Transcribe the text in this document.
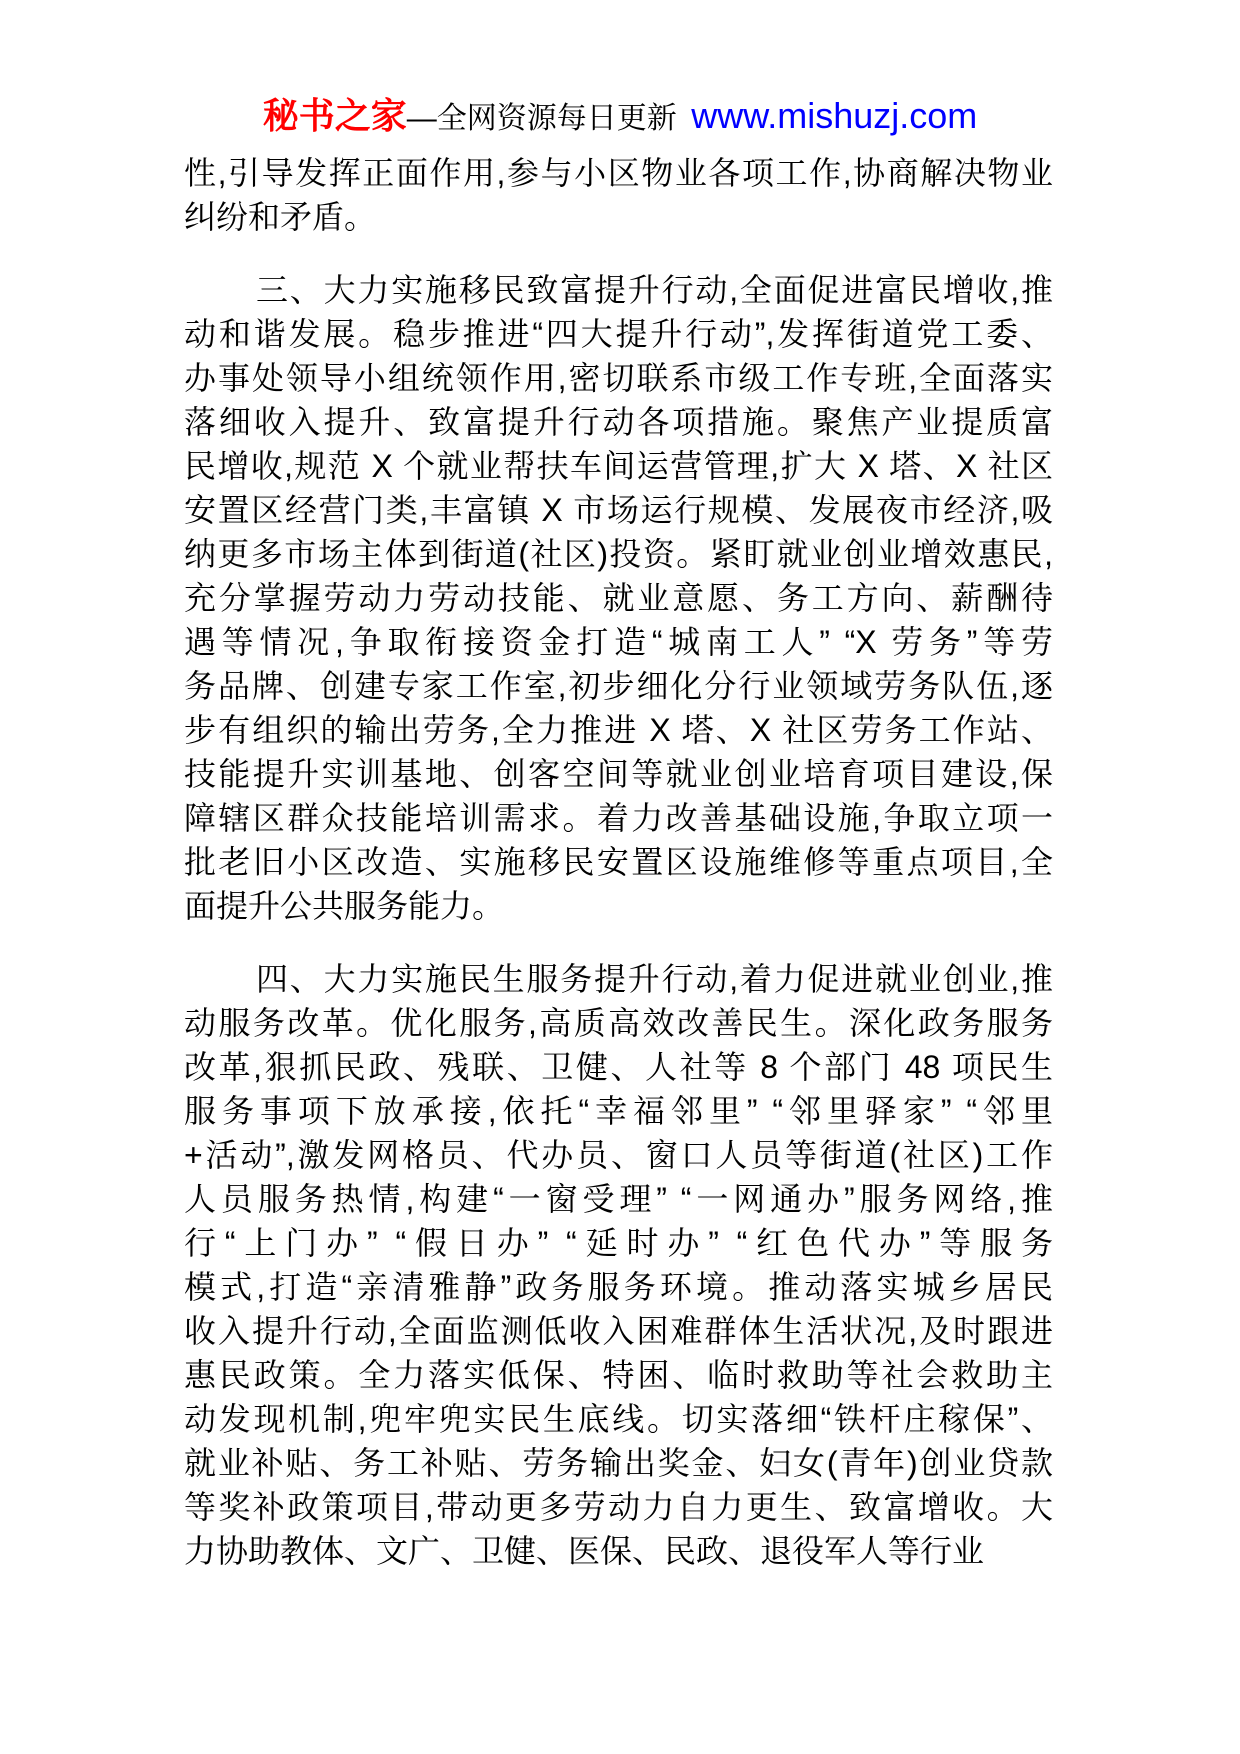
秘书之家—全网资源每日更新 www.mishuzj.com
性,引导发挥正面作用,参与小区物业各项工作,协商解决物业
纠纷和矛盾。
三、大力实施移民致富提升行动,全面促进富民增收,推
动和谐发展。稳步推进“四大提升行动”,发挥街道党工委、
办事处领导小组统领作用,密切联系市级工作专班,全面落实
落细收入提升、致富提升行动各项措施。聚焦产业提质富
民增收,规范 X 个就业帮扶车间运营管理,扩大 X 塔、X 社区
安置区经营门类,丰富镇 X 市场运行规模、发展夜市经济,吸
纳更多市场主体到街道(社区)投资。紧盯就业创业增效惠民,
充分掌握劳动力劳动技能、就业意愿、务工方向、薪酬待
遇等情况,争取衔接资金打造“城南工人” “X 劳务”等劳
务品牌、创建专家工作室,初步细化分行业领域劳务队伍,逐
步有组织的输出劳务,全力推进 X 塔、X 社区劳务工作站、
技能提升实训基地、创客空间等就业创业培育项目建设,保
障辖区群众技能培训需求。着力改善基础设施,争取立项一
批老旧小区改造、实施移民安置区设施维修等重点项目,全
面提升公共服务能力。
四、大力实施民生服务提升行动,着力促进就业创业,推
动服务改革。优化服务,高质高效改善民生。深化政务服务
改革,狠抓民政、残联、卫健、人社等 8 个部门 48 项民生
服务事项下放承接,依托“幸福邻里” “邻里驿家” “邻里
+活动”,激发网格员、代办员、窗口人员等街道(社区)工作
人员服务热情,构建“一窗受理” “一网通办”服务网络,推
行“上门办” “假日办” “延时办” “红色代办”等服务
模式,打造“亲清雅静”政务服务环境。推动落实城乡居民
收入提升行动,全面监测低收入困难群体生活状况,及时跟进
惠民政策。全力落实低保、特困、临时救助等社会救助主
动发现机制,兜牢兜实民生底线。切实落细“铁杆庄稼保”、
就业补贴、务工补贴、劳务输出奖金、妇女(青年)创业贷款
等奖补政策项目,带动更多劳动力自力更生、致富增收。大
力协助教体、文广、卫健、医保、民政、退役军人等行业
